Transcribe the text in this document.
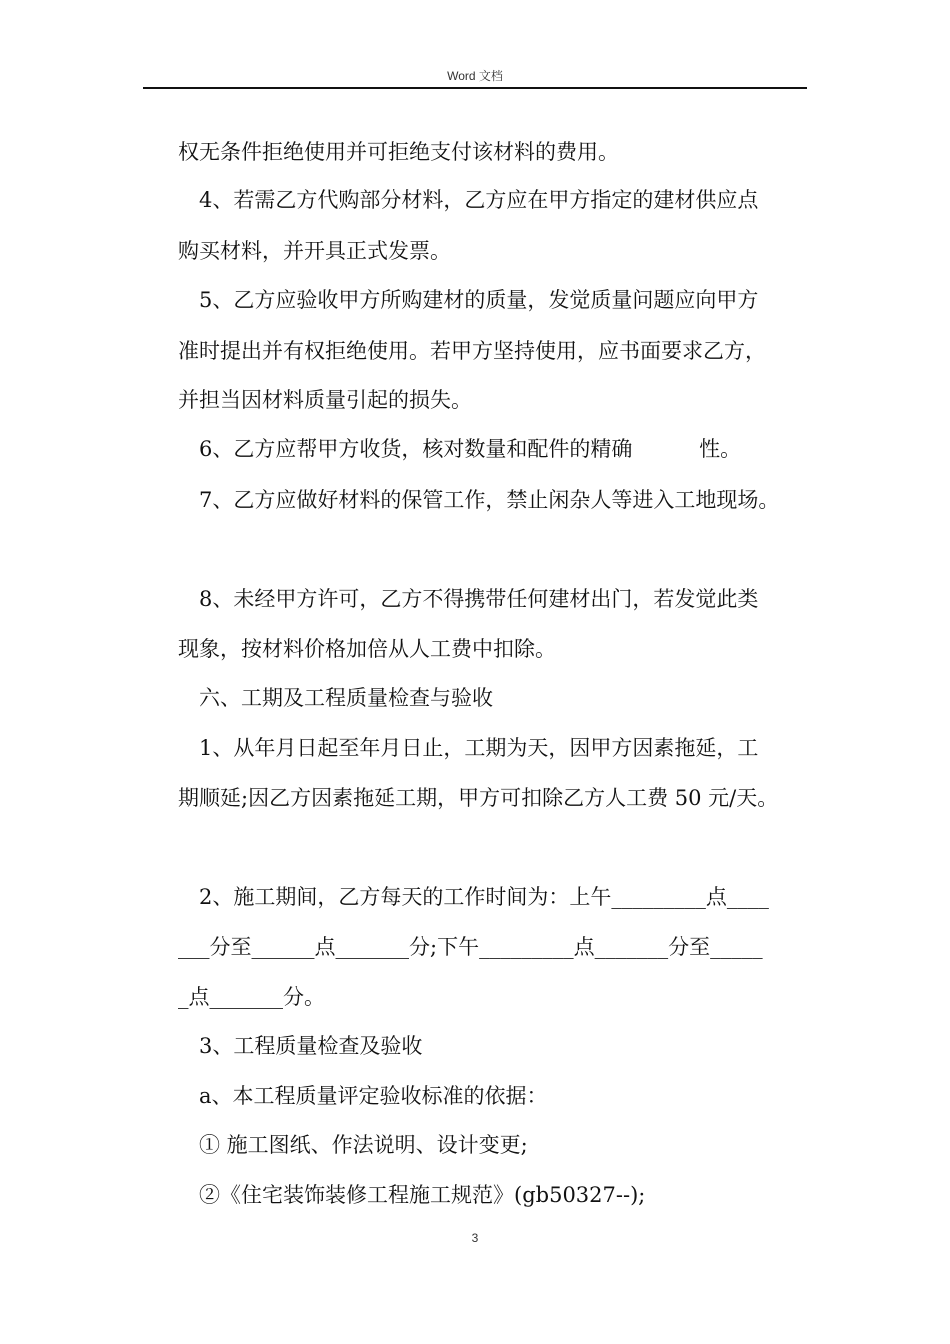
Word 文档
权无条件拒绝使用并可拒绝支付该材料的费用。
4、若需乙方代购部分材料，乙方应在甲方指定的建材供应点
购买材料，并开具正式发票。
5、乙方应验收甲方所购建材的质量，发觉质量问题应向甲方
准时提出并有权拒绝使用。若甲方坚持使用，应书面要求乙方，
并担当因材料质量引起的损失。
6、乙方应帮甲方收货，核对数量和配件的精确          性。
7、乙方应做好材料的保管工作，禁止闲杂人等进入工地现场。
8、未经甲方许可，乙方不得携带任何建材出门，若发觉此类
现象，按材料价格加倍从人工费中扣除。
六、工期及工程质量检查与验收
1、从年月日起至年月日止，工期为天，因甲方因素拖延，工
期顺延;因乙方因素拖延工期，甲方可扣除乙方人工费 50 元/天。
2、施工期间，乙方每天的工作时间为：上午_________点____
___分至______点_______分;下午_________点_______分至_____
_点_______分。
3、工程质量检查及验收
a、本工程质量评定验收标准的依据：
① 施工图纸、作法说明、设计变更;
②《住宅装饰装修工程施工规范》(gb50327--);
3
